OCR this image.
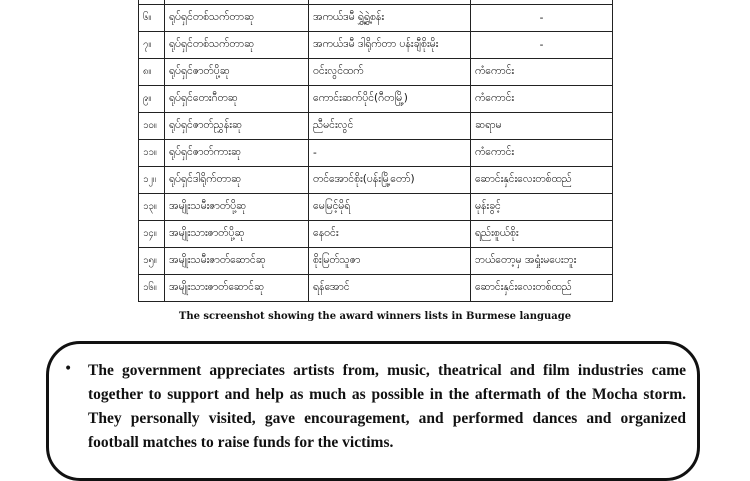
၆။	ရုပ်ရှင်တစ်သက်တာဆု	အကယ်ဒမီ ရွှဲ့ရွှဲ့စန်း	-
၇။	ရုပ်ရှင်တစ်သက်တာဆု	အကယ်ဒမီ ဒါရိုက်တာ ပန်းချီစိုးမိုး	-
၈။	ရုပ်ရှင်ဇာတ်ပို့ဆု	ဝင်းလွင်ထက်	ကံကောင်း
၉။	ရုပ်ရှင်တေးဂီတဆု	ကောင်းဆက်ပိုင်(ဂီတမြို့)	ကံကောင်း
၁၀။	ရုပ်ရှင်ဇာတ်ညွှန်းဆု	ညီမင်းလွင်	ဆရာမ
၁၁။	ရုပ်ရှင်ဇာတ်ကားဆု	-	ကံကောင်း
၁၂။	ရုပ်ရှင်ဒါရိုက်တာဆု	တင်အောင်စိုး(ပန်းမြို့တော်)	ဆောင်းနှင်းလေးတစ်ထည်
၁၃။	အမျိုးသမီးဇာတ်ပို့ဆု	မေမြင့်မိုရ်	မုန်းခွင့်
၁၄။	အမျိုးသားဇာတ်ပို့ဆု	နေဝင်း	ရည်းစူယ်စိုး
၁၅။	အမျိုးသမီးဇာတ်ဆောင်ဆု	စိုးမြတ်သူဇာ	ဘယ်တော့မှ အရှုံးမပေးဘူး
၁၆။	အမျိုးသားဇာတ်ဆောင်ဆု	ရန်အောင်	ဆောင်းနှင်းလေးတစ်ထည်
The screenshot showing the award winners lists in Burmese language
• The government appreciates artists from, music, theatrical and film industries came together to support and help as much as possible in the aftermath of the Mocha storm. They personally visited, gave encouragement, and performed dances and organized football matches to raise funds for the victims.
